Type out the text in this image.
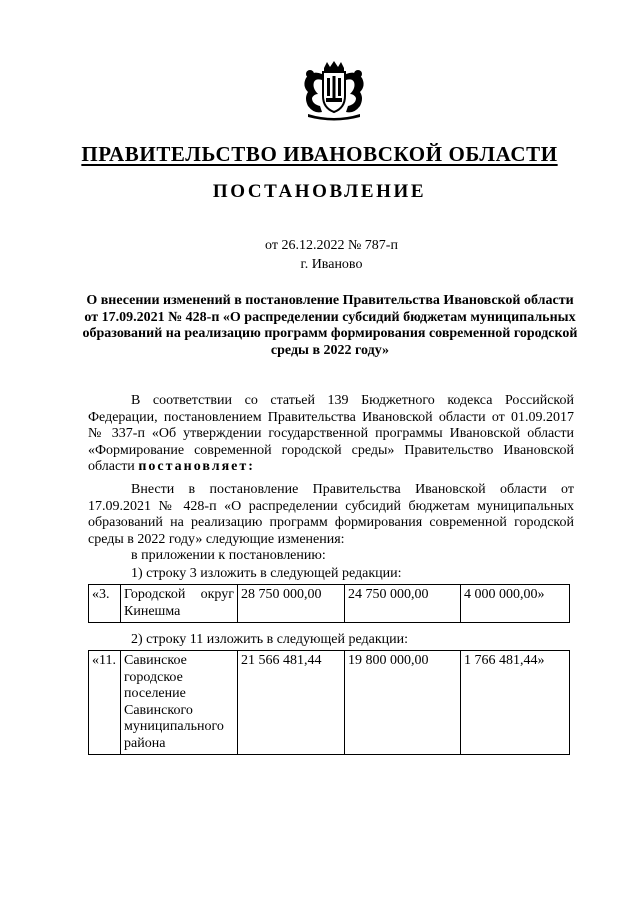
ПРАВИТЕЛЬСТВО ИВАНОВСКОЙ ОБЛАСТИ
ПОСТАНОВЛЕНИЕ
от 26.12.2022 № 787-п
г. Иваново
О внесении изменений в постановление Правительства Ивановской области от 17.09.2021 № 428-п «О распределении субсидий бюджетам муниципальных образований на реализацию программ формирования современной городской среды в 2022 году»
В соответствии со статьей 139 Бюджетного кодекса Российской Федерации, постановлением Правительства Ивановской области от 01.09.2017 № 337-п «Об утверждении государственной программы Ивановской области «Формирование современной городской среды» Правительство Ивановской области постановляет:
Внести в постановление Правительства Ивановской области от 17.09.2021 № 428-п «О распределении субсидий бюджетам муниципальных образований на реализацию программ формирования современной городской среды в 2022 году» следующие изменения:
в приложении к постановлению:
1) строку 3 изложить в следующей редакции:
«3.	Городской округ Кинешма	28 750 000,00	24 750 000,00	4 000 000,00»
2) строку 11 изложить в следующей редакции:
«11.	Савинское городское поселение Савинского муниципального района	21 566 481,44	19 800 000,00	1 766 481,44»
